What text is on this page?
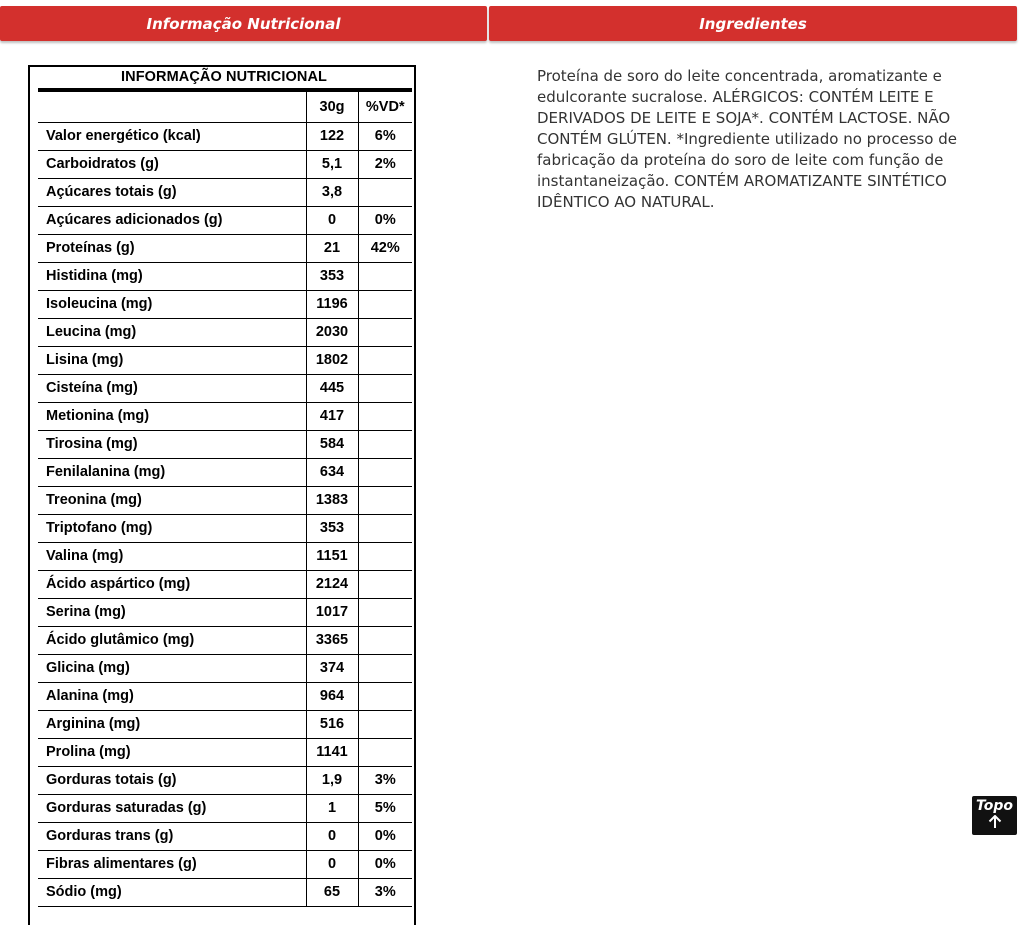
Informação Nutricional	Ingredientes
INFORMAÇÃO NUTRICIONAL
	30g	%VD*
Valor energético (kcal)	122	6%
Carboidratos (g)	5,1	2%
Açúcares totais (g)	3,8	
Açúcares adicionados (g)	0	0%
Proteínas (g)	21	42%
Histidina (mg)	353	
Isoleucina (mg)	1196	
Leucina (mg)	2030	
Lisina (mg)	1802	
Cisteína (mg)	445	
Metionina (mg)	417	
Tirosina (mg)	584	
Fenilalanina (mg)	634	
Treonina (mg)	1383	
Triptofano (mg)	353	
Valina (mg)	1151	
Ácido aspártico (mg)	2124	
Serina (mg)	1017	
Ácido glutâmico (mg)	3365	
Glicina (mg)	374	
Alanina (mg)	964	
Arginina (mg)	516	
Prolina (mg)	1141	
Gorduras totais (g)	1,9	3%
Gorduras saturadas (g)	1	5%
Gorduras trans (g)	0	0%
Fibras alimentares (g)	0	0%
Sódio (mg)	65	3%
Proteína de soro do leite concentrada, aromatizante e edulcorante sucralose. ALÉRGICOS: CONTÉM LEITE E DERIVADOS DE LEITE E SOJA*. CONTÉM LACTOSE. NÃO CONTÉM GLÚTEN. *Ingrediente utilizado no processo de fabricação da proteína do soro de leite com função de instantaneização. CONTÉM AROMATIZANTE SINTÉTICO IDÊNTICO AO NATURAL.
Topo
